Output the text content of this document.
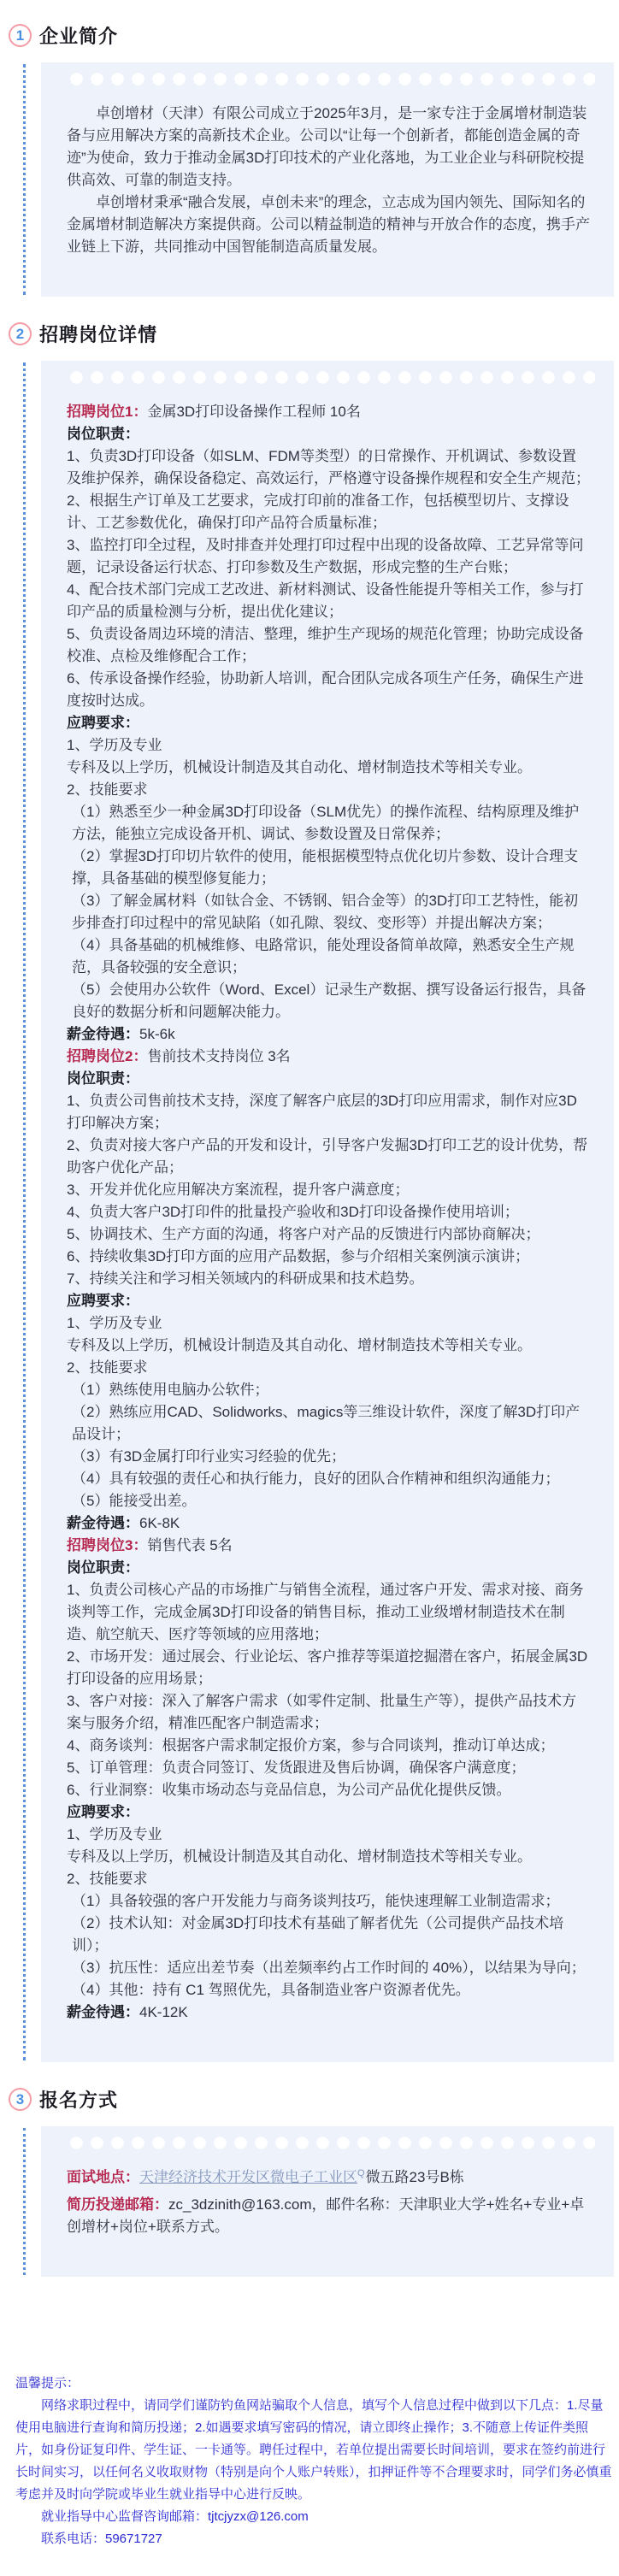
1 企业简介
卓创增材（天津）有限公司成立于2025年3月，是一家专注于金属增材制造装备与应用解决方案的高新技术企业。公司以“让每一个创新者，都能创造金属的奇迹”为使命，致力于推动金属3D打印技术的产业化落地，为工业企业与科研院校提供高效、可靠的制造支持。
卓创增材秉承“融合发展，卓创未来”的理念，立志成为国内领先、国际知名的金属增材制造解决方案提供商。公司以精益制造的精神与开放合作的态度，携手产业链上下游，共同推动中国智能制造高质量发展。
2 招聘岗位详情
招聘岗位1：金属3D打印设备操作工程师 10名
岗位职责：
1、负责3D打印设备（如SLM、FDM等类型）的日常操作、开机调试、参数设置及维护保养，确保设备稳定、高效运行，严格遵守设备操作规程和安全生产规范；
2、根据生产订单及工艺要求，完成打印前的准备工作，包括模型切片、支撑设计、工艺参数优化，确保打印产品符合质量标准；
3、监控打印全过程，及时排查并处理打印过程中出现的设备故障、工艺异常等问题，记录设备运行状态、打印参数及生产数据，形成完整的生产台账；
4、配合技术部门完成工艺改进、新材料测试、设备性能提升等相关工作，参与打印产品的质量检测与分析，提出优化建议；
5、负责设备周边环境的清洁、整理，维护生产现场的规范化管理；协助完成设备校准、点检及维修配合工作；
6、传承设备操作经验，协助新人培训，配合团队完成各项生产任务，确保生产进度按时达成。
应聘要求：
1、学历及专业
专科及以上学历，机械设计制造及其自动化、增材制造技术等相关专业。
2、技能要求
（1）熟悉至少一种金属3D打印设备（SLM优先）的操作流程、结构原理及维护方法，能独立完成设备开机、调试、参数设置及日常保养；
（2）掌握3D打印切片软件的使用，能根据模型特点优化切片参数、设计合理支撑，具备基础的模型修复能力；
（3）了解金属材料（如钛合金、不锈钢、铝合金等）的3D打印工艺特性，能初步排查打印过程中的常见缺陷（如孔隙、裂纹、变形等）并提出解决方案；
（4）具备基础的机械维修、电路常识，能处理设备简单故障，熟悉安全生产规范，具备较强的安全意识；
（5）会使用办公软件（Word、Excel）记录生产数据、撰写设备运行报告，具备良好的数据分析和问题解决能力。
薪金待遇：5k-6k
招聘岗位2：售前技术支持岗位 3名
岗位职责：
1、负责公司售前技术支持，深度了解客户底层的3D打印应用需求，制作对应3D打印解决方案；
2、负责对接大客户产品的开发和设计，引导客户发掘3D打印工艺的设计优势，帮助客户优化产品；
3、开发并优化应用解决方案流程，提升客户满意度；
4、负责大客户3D打印件的批量投产验收和3D打印设备操作使用培训；
5、协调技术、生产方面的沟通，将客户对产品的反馈进行内部协商解决；
6、持续收集3D打印方面的应用产品数据，参与介绍相关案例演示演讲；
7、持续关注和学习相关领域内的科研成果和技术趋势。
应聘要求：
1、学历及专业
专科及以上学历，机械设计制造及其自动化、增材制造技术等相关专业。
2、技能要求
（1）熟练使用电脑办公软件；
（2）熟练应用CAD、Solidworks、magics等三维设计软件，深度了解3D打印产品设计；
（3）有3D金属打印行业实习经验的优先；
（4）具有较强的责任心和执行能力，良好的团队合作精神和组织沟通能力；
（5）能接受出差。
薪金待遇：6K-8K
招聘岗位3：销售代表 5名
岗位职责：
1、负责公司核心产品的市场推广与销售全流程，通过客户开发、需求对接、商务谈判等工作，完成金属3D打印设备的销售目标，推动工业级增材制造技术在制造、航空航天、医疗等领域的应用落地；
2、市场开发：通过展会、行业论坛、客户推荐等渠道挖掘潜在客户，拓展金属3D打印设备的应用场景；
3、客户对接：深入了解客户需求（如零件定制、批量生产等），提供产品技术方案与服务介绍，精准匹配客户制造需求；
4、商务谈判：根据客户需求制定报价方案，参与合同谈判，推动订单达成；
5、订单管理：负责合同签订、发货跟进及售后协调，确保客户满意度；
6、行业洞察：收集市场动态与竞品信息，为公司产品优化提供反馈。
应聘要求：
1、学历及专业
专科及以上学历，机械设计制造及其自动化、增材制造技术等相关专业。
2、技能要求
（1）具备较强的客户开发能力与商务谈判技巧，能快速理解工业制造需求；
（2）技术认知：对金属3D打印技术有基础了解者优先（公司提供产品技术培训）；
（3）抗压性：适应出差节奏（出差频率约占工作时间的 40%），以结果为导向；
（4）其他：持有 C1 驾照优先，具备制造业客户资源者优先。
薪金待遇：4K-12K
3 报名方式
面试地点：天津经济技术开发区微电子工业区$^Q$微五路23号B栋
简历投递邮箱：zc_3dzinith@163.com，邮件名称：天津职业大学+姓名+专业+卓创增材+岗位+联系方式。
温馨提示：
网络求职过程中，请同学们谨防钓鱼网站骗取个人信息，填写个人信息过程中做到以下几点：1.尽量使用电脑进行查询和简历投递；2.如遇要求填写密码的情况，请立即终止操作；3.不随意上传证件类照片，如身份证复印件、学生证、一卡通等。聘任过程中，若单位提出需要长时间培训，要求在签约前进行长时间实习，以任何名义收取财物（特别是向个人账户转账），扣押证件等不合理要求时，同学们务必慎重考虑并及时向学院或毕业生就业指导中心进行反映。
就业指导中心监督咨询邮箱：tjtcjyzx@126.com
联系电话：59671727
